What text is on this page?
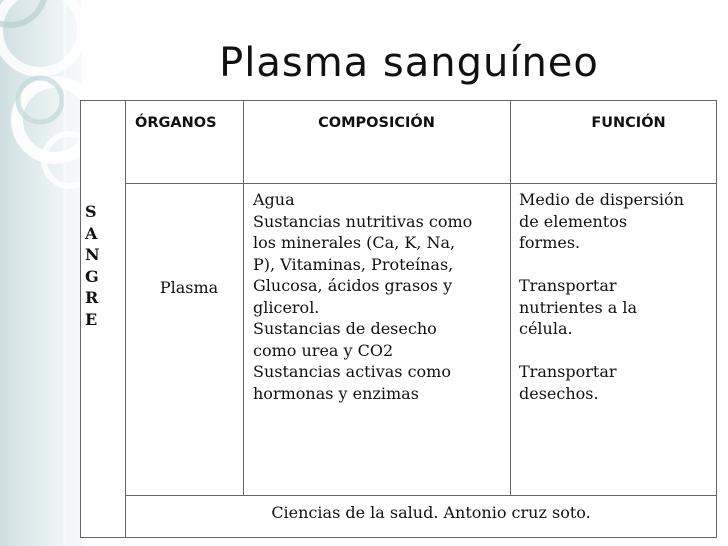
Plasma sanguíneo
S
A
N
G
R
E
ÓRGANOS	COMPOSICIÓN	FUNCIÓN
Plasma
Agua
Sustancias nutritivas como
los minerales (Ca, K, Na,
P), Vitaminas, Proteínas,
Glucosa, ácidos grasos y
glicerol.
Sustancias de desecho
como urea y CO2
Sustancias activas como
hormonas y enzimas
Medio de dispersión
de elementos
formes.

Transportar
nutrientes a la
célula.

Transportar
desechos.
Ciencias de la salud. Antonio cruz soto.
